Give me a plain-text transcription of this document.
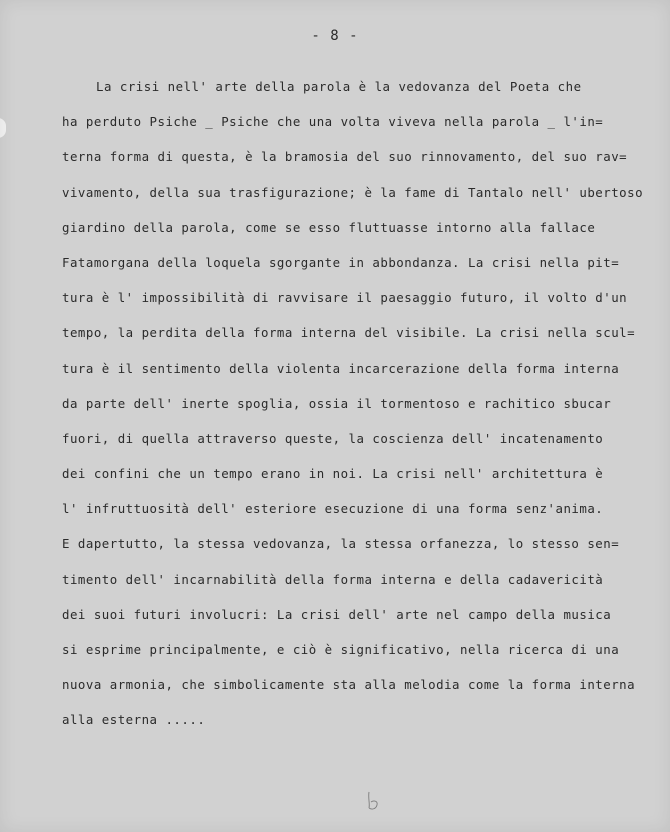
- 8 -
La crisi nell' arte della parola è la vedovanza del Poeta che
ha perduto Psiche _ Psiche che una volta viveva nella parola _ l'in=
terna forma di questa, è la bramosia del suo rinnovamento, del suo rav=
vivamento, della sua trasfigurazione; è la fame di Tantalo nell' ubertoso
giardino della parola, come se esso fluttuasse intorno alla fallace
Fatamorgana della loquela sgorgante in abbondanza. La crisi nella pit=
tura è l' impossibilità di ravvisare il paesaggio futuro, il volto d'un
tempo, la perdita della forma interna del visibile. La crisi nella scul=
tura è il sentimento della violenta incarcerazione della forma interna
da parte dell' inerte spoglia, ossia il tormentoso e rachitico sbucar
fuori, di quella attraverso queste, la coscienza dell' incatenamento
dei confini che un tempo erano in noi. La crisi nell' architettura è
l' infruttuosità dell' esteriore esecuzione di una forma senz'anima.
E dapertutto, la stessa vedovanza, la stessa orfanezza, lo stesso sen=
timento dell' incarnabilità della forma interna e della cadavericità
dei suoi futuri involucri: La crisi dell' arte nel campo della musica
si esprime principalmente, e ciò è significativo, nella ricerca di una
nuova armonia, che simbolicamente sta alla melodia come la forma interna
alla esterna .....
